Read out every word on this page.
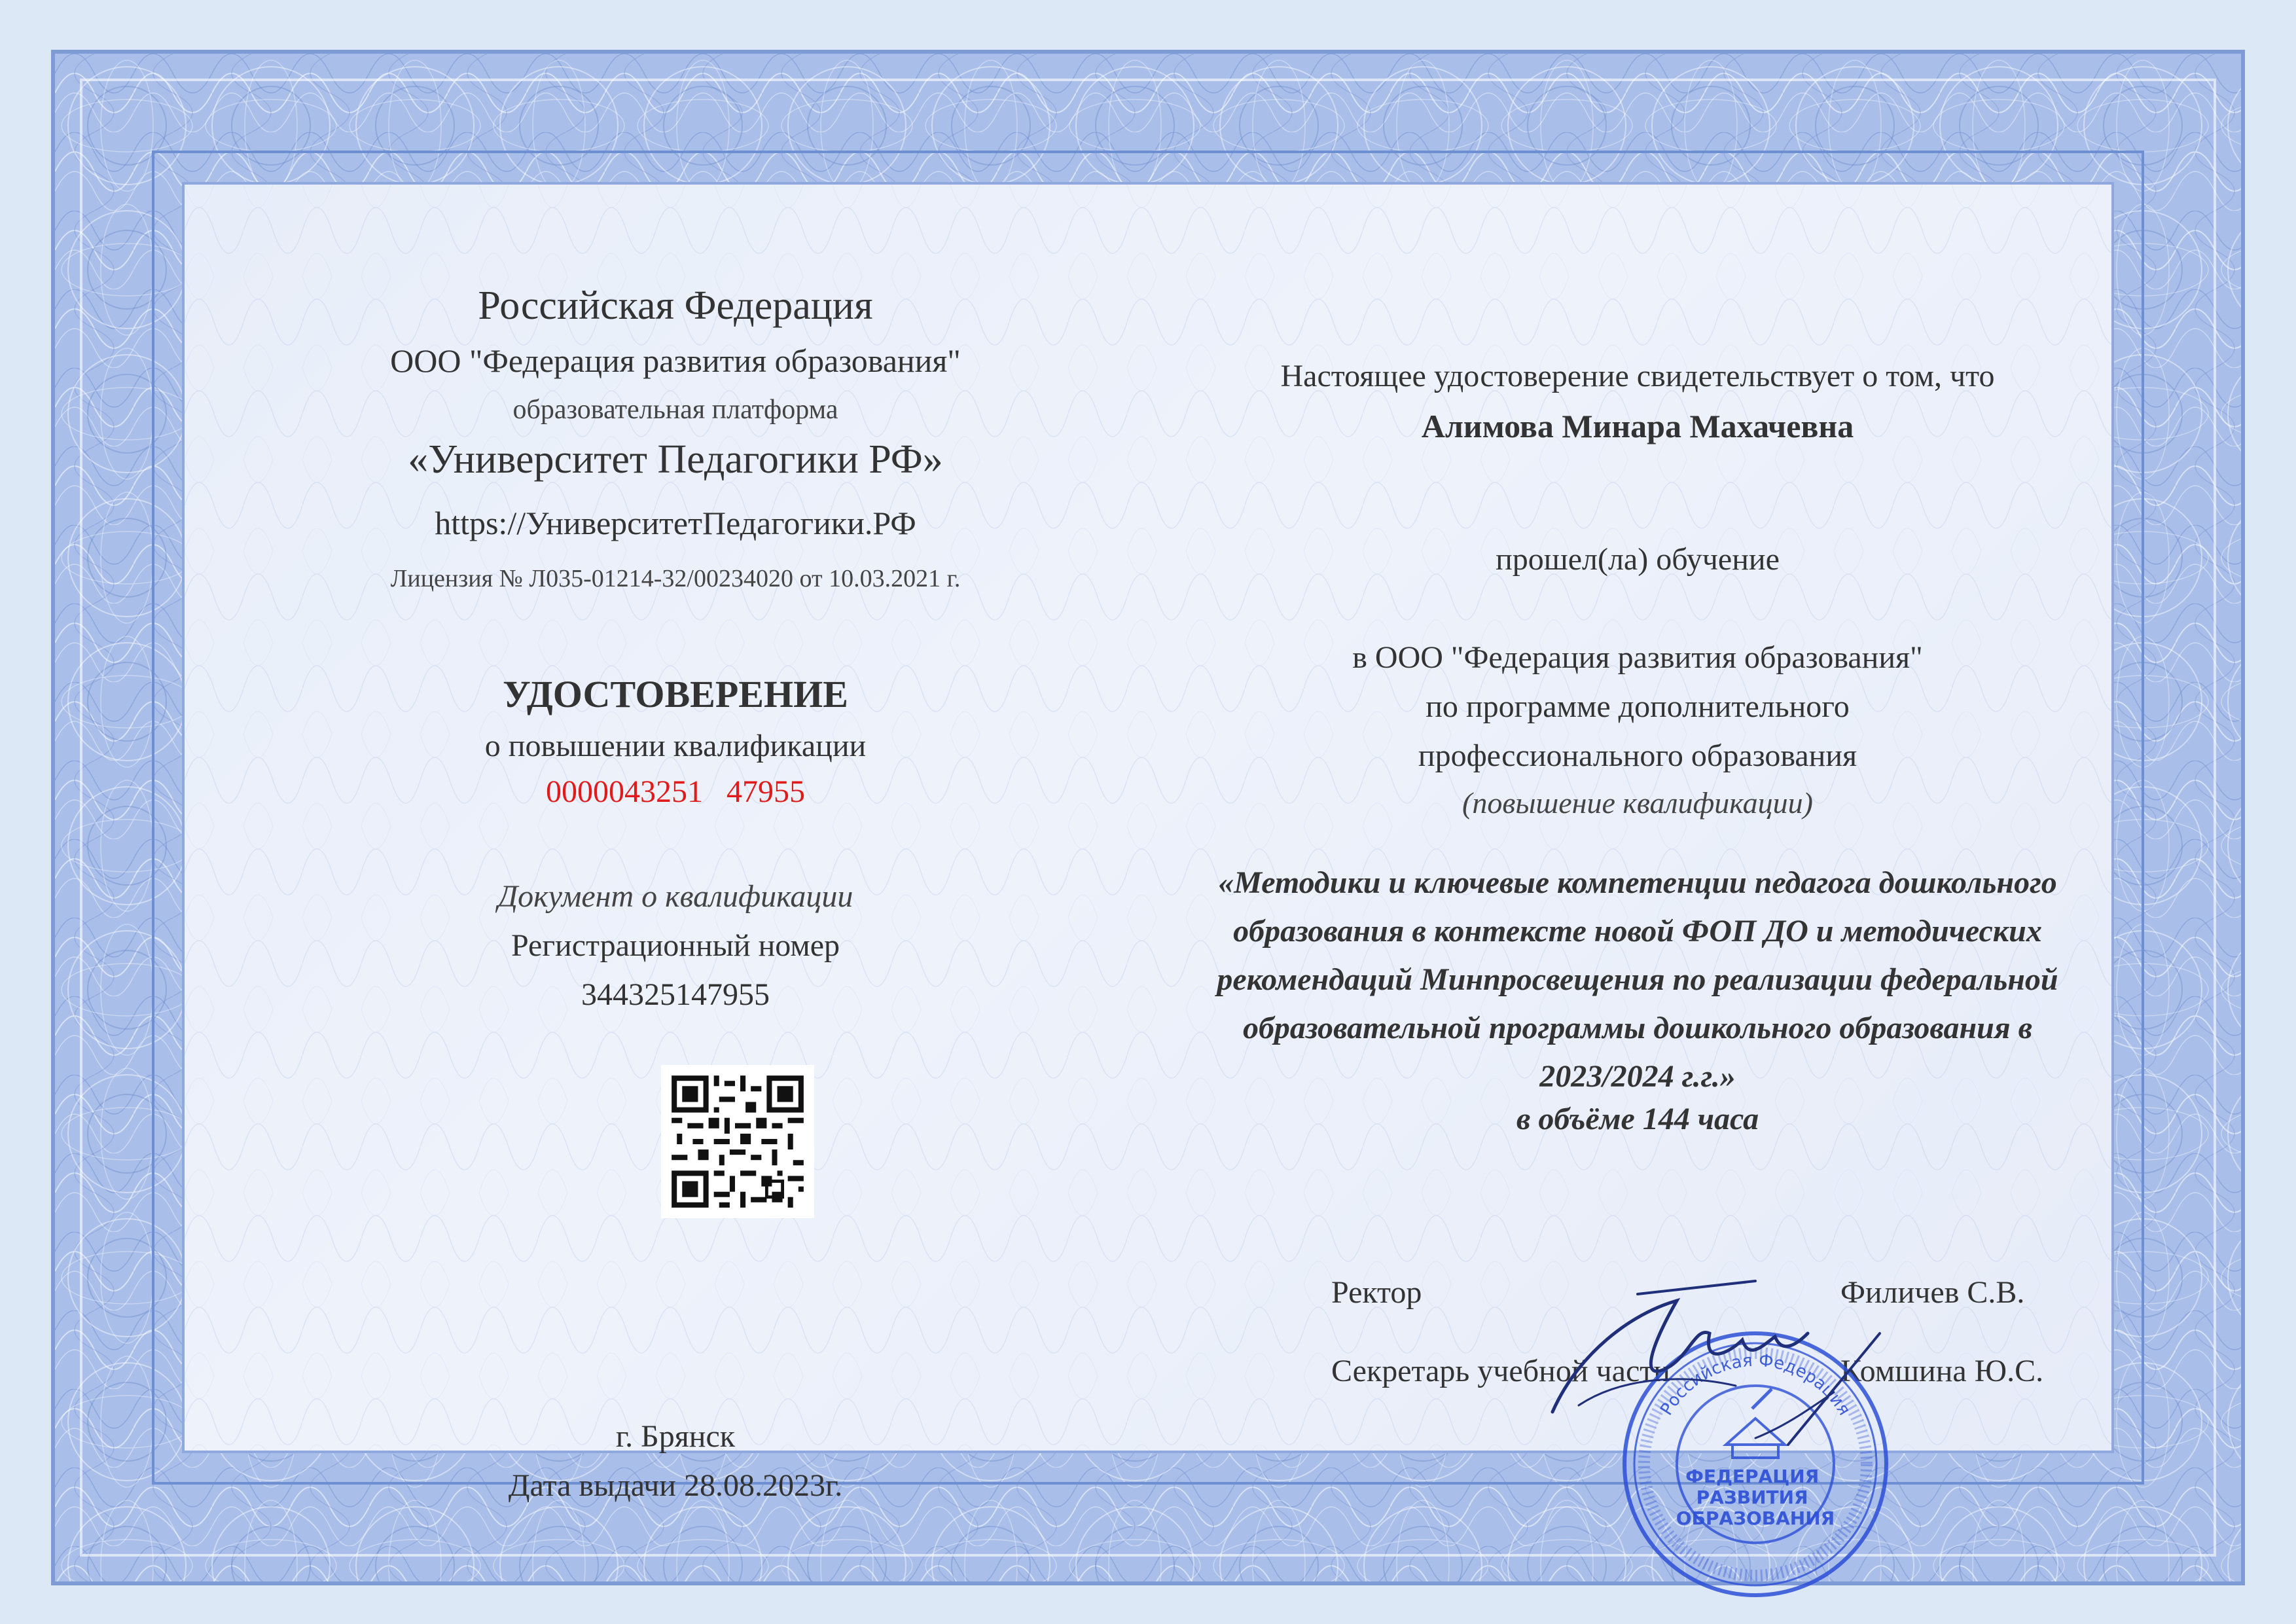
Российская Федерация
ООО "Федерация развития образования"
образовательная платформа
«Университет Педагогики РФ»
https://УниверситетПедагогики.РФ
Лицензия № Л035-01214-32/00234020 от 10.03.2021 г.
УДОСТОВЕРЕНИЕ
о повышении квалификации
0000043251   47955
Документ о квалификации
Регистрационный номер
344325147955
г. Брянск
Дата выдачи 28.08.2023г.
Настоящее удостоверение свидетельствует о том, что
Алимова Минара Махачевна
прошел(ла) обучение
в ООО "Федерация развития образования"
по программе дополнительного
профессионального образования
(повышение квалификации)
«Методики и ключевые компетенции педагога дошкольного образования в контексте новой ФОП ДО и методических рекомендаций Минпросвещения по реализации федеральной образовательной программы дошкольного образования в 2023/2024 г.г.»
в объёме 144 часа
Ректор	Филичев С.В.
Секретарь учебной части	Комшина Ю.С.
Российская Федерация
ФЕДЕРАЦИЯ РАЗВИТИЯ ОБРАЗОВАНИЯ
